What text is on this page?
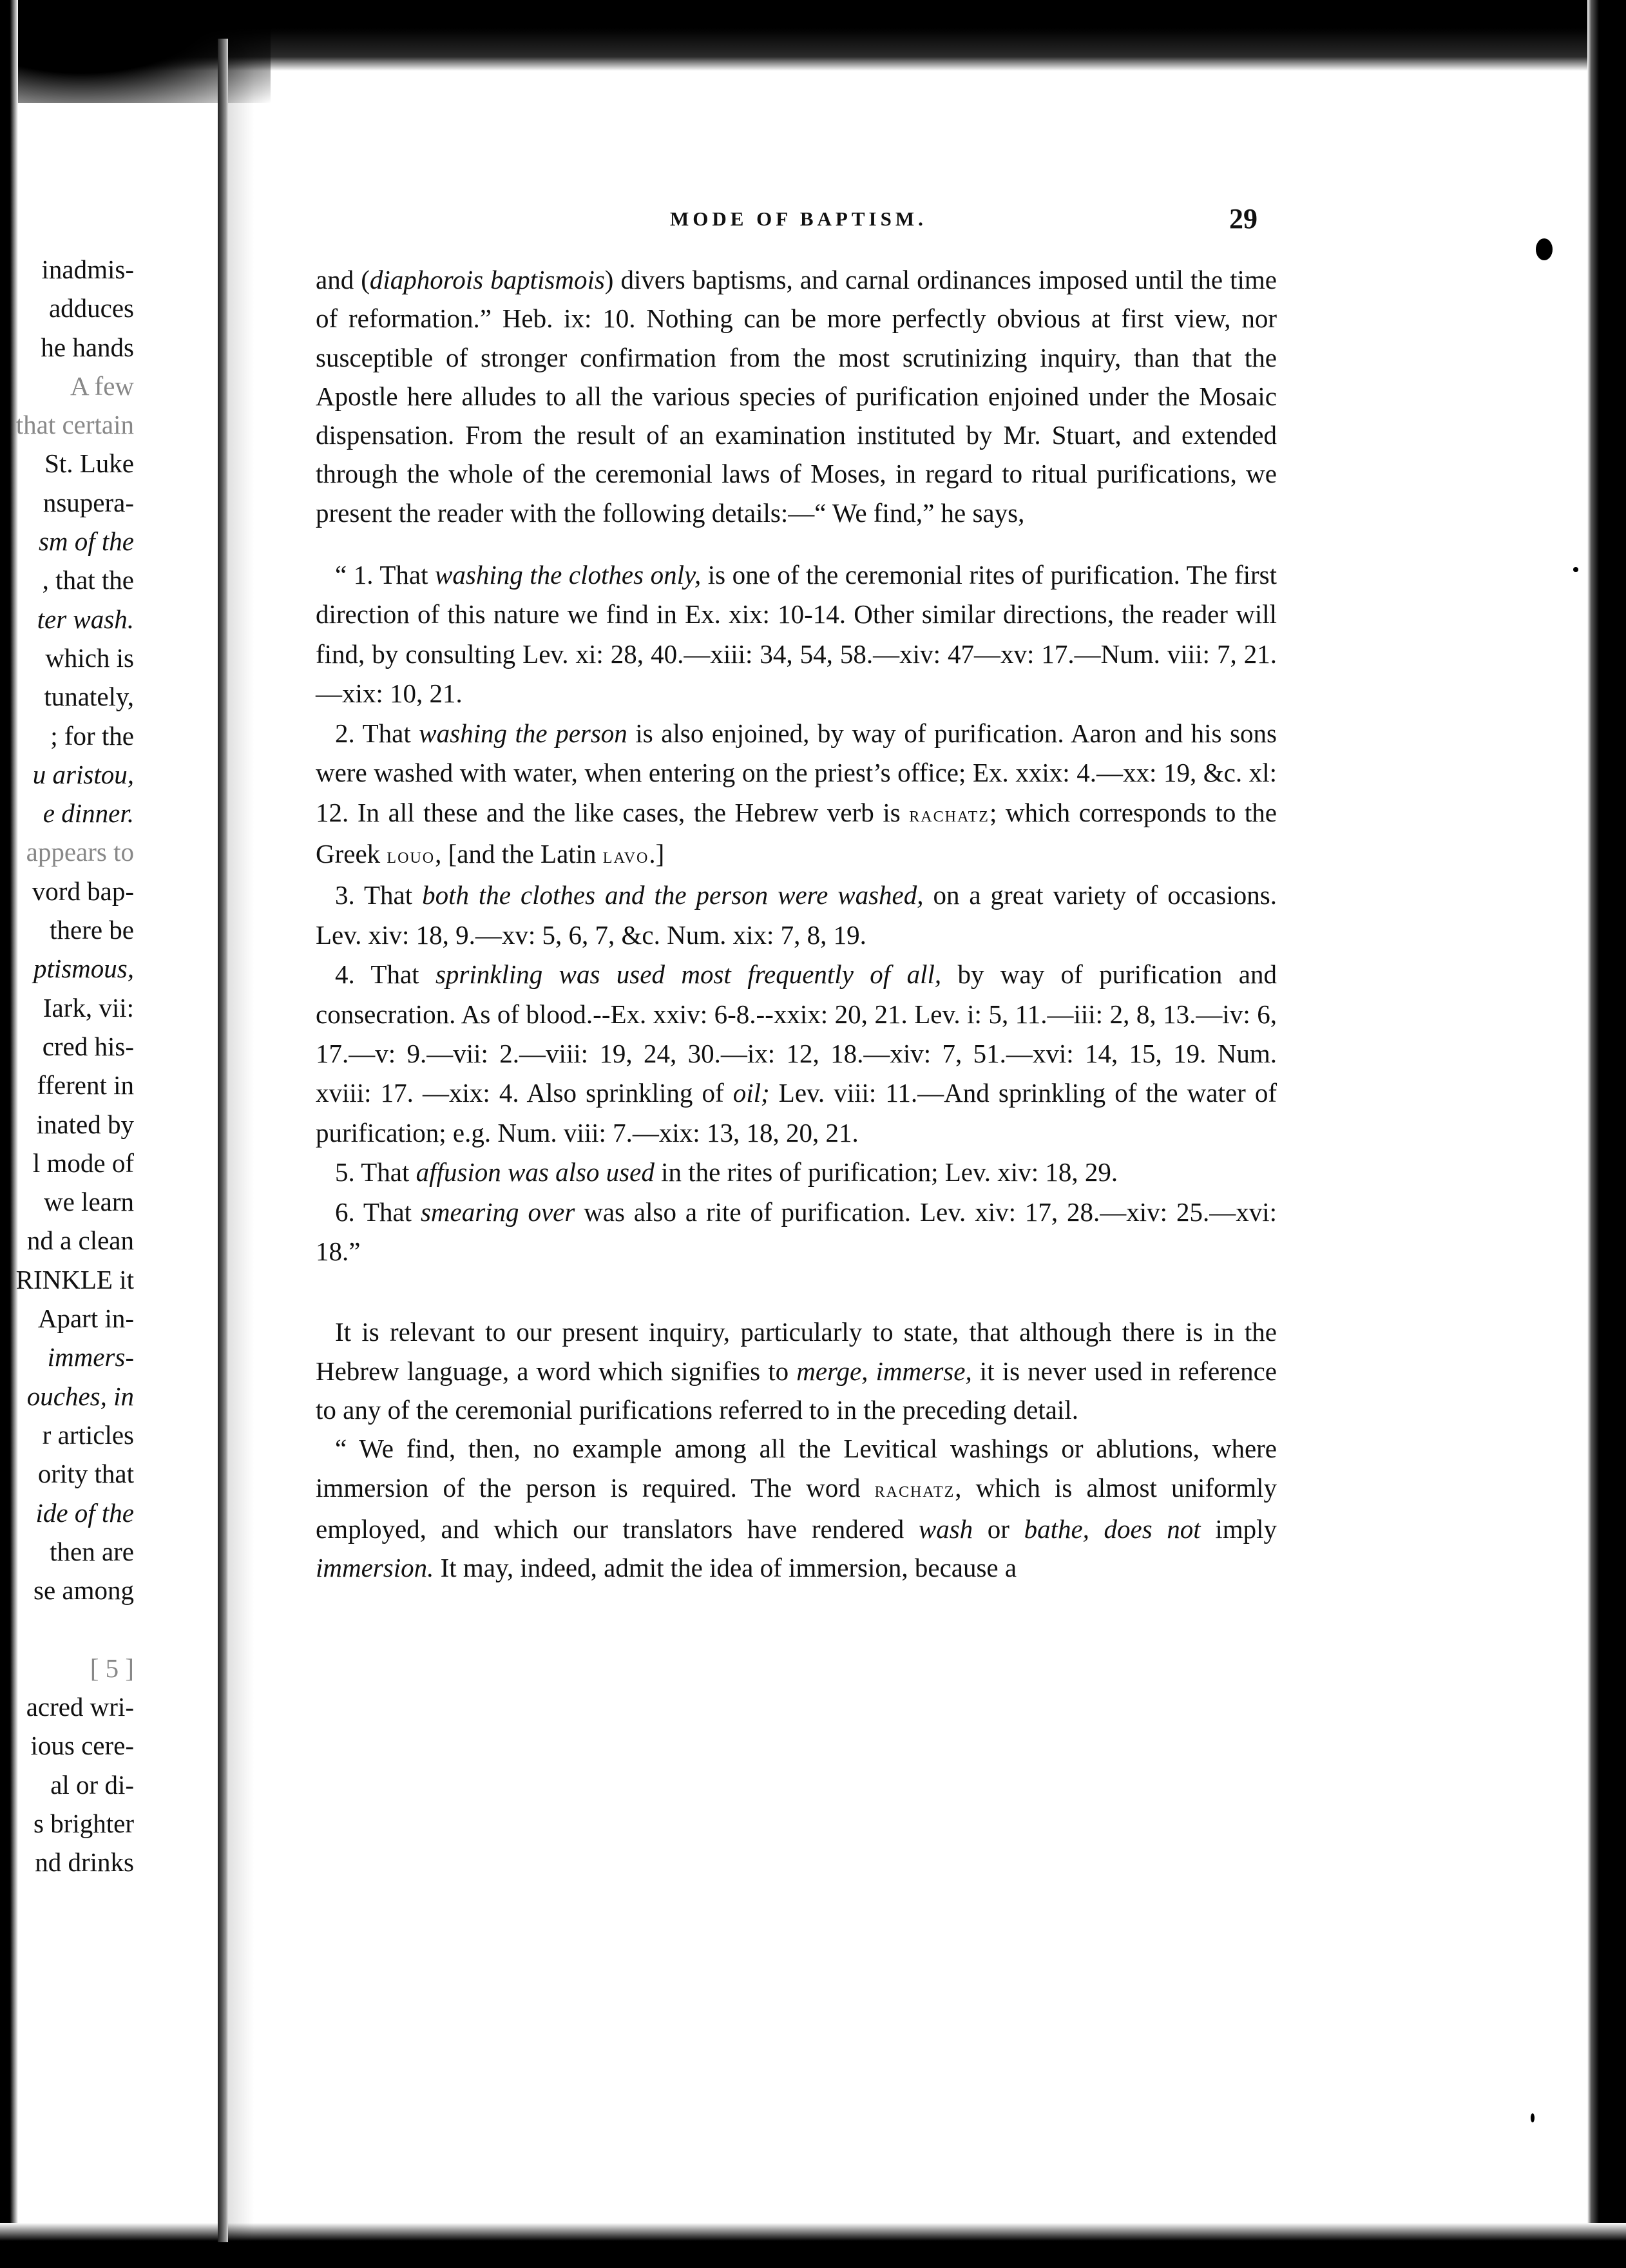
inadmis-
adduces
he hands
A few
that certain
St. Luke
nsupera-
sm of the
, that the
ter wash.
which is
tunately,
; for the
u aristou,
e dinner.
appears to
vord bap-
there be
ptismous,
Iark, vii:
cred his-
fferent in
inated by
l mode of
we learn
nd a clean
RINKLE it
Apart in-
immers-
ouches, in
r articles
ority that
ide of the
then are
se among
[ 5 ]
acred wri-
ious cere-
al or di-
s brighter
nd drinks
MODE OF BAPTISM.	29

and (diaphorois baptismois) divers baptisms, and carnal ordinances imposed until the time of reformation.” Heb. ix: 10. Nothing can be more perfectly obvious at first view, nor susceptible of stronger confirmation from the most scrutinizing inquiry, than that the Apostle here alludes to all the various species of purification enjoined under the Mosaic dispensation. From the result of an examination instituted by Mr. Stuart, and extended through the whole of the ceremonial laws of Moses, in regard to ritual purifications, we present the reader with the following details:—“ We find,” he says,

“ 1. That washing the clothes only, is one of the ceremonial rites of purification. The first direction of this nature we find in Ex. xix: 10-14. Other similar directions, the reader will find, by consulting Lev. xi: 28, 40.—xiii: 34, 54, 58.—xiv: 47—xv: 17.—Num. viii: 7, 21.—xix: 10, 21.

2. That washing the person is also enjoined, by way of purification. Aaron and his sons were washed with water, when entering on the priest’s office; Ex. xxix: 4.—xx: 19, &c. xl: 12. In all these and the like cases, the Hebrew verb is rachatz; which corresponds to the Greek louo, [and the Latin lavo.]

3. That both the clothes and the person were washed, on a great variety of occasions. Lev. xiv: 18, 9.—xv: 5, 6, 7, &c. Num. xix: 7, 8, 19.

4. That sprinkling was used most frequently of all, by way of purification and consecration. As of blood.--Ex. xxiv: 6-8.--xxix: 20, 21. Lev. i: 5, 11.—iii: 2, 8, 13.—iv: 6, 17.—v: 9.—vii: 2.—viii: 19, 24, 30.—ix: 12, 18.—xiv: 7, 51.—xvi: 14, 15, 19. Num. xviii: 17. —xix: 4. Also sprinkling of oil; Lev. viii: 11.—And sprinkling of the water of purification; e.g. Num. viii: 7.—xix: 13, 18, 20, 21.

5. That affusion was also used in the rites of purification; Lev. xiv: 18, 29.

6. That smearing over was also a rite of purification. Lev. xiv: 17, 28.—xiv: 25.—xvi: 18.”

It is relevant to our present inquiry, particularly to state, that although there is in the Hebrew language, a word which signifies to merge, immerse, it is never used in reference to any of the ceremonial purifications referred to in the preceding detail.

“ We find, then, no example among all the Levitical washings or ablutions, where immersion of the person is required. The word rachatz, which is almost uniformly employed, and which our translators have rendered wash or bathe, does not imply immersion. It may, indeed, admit the idea of immersion, because a
